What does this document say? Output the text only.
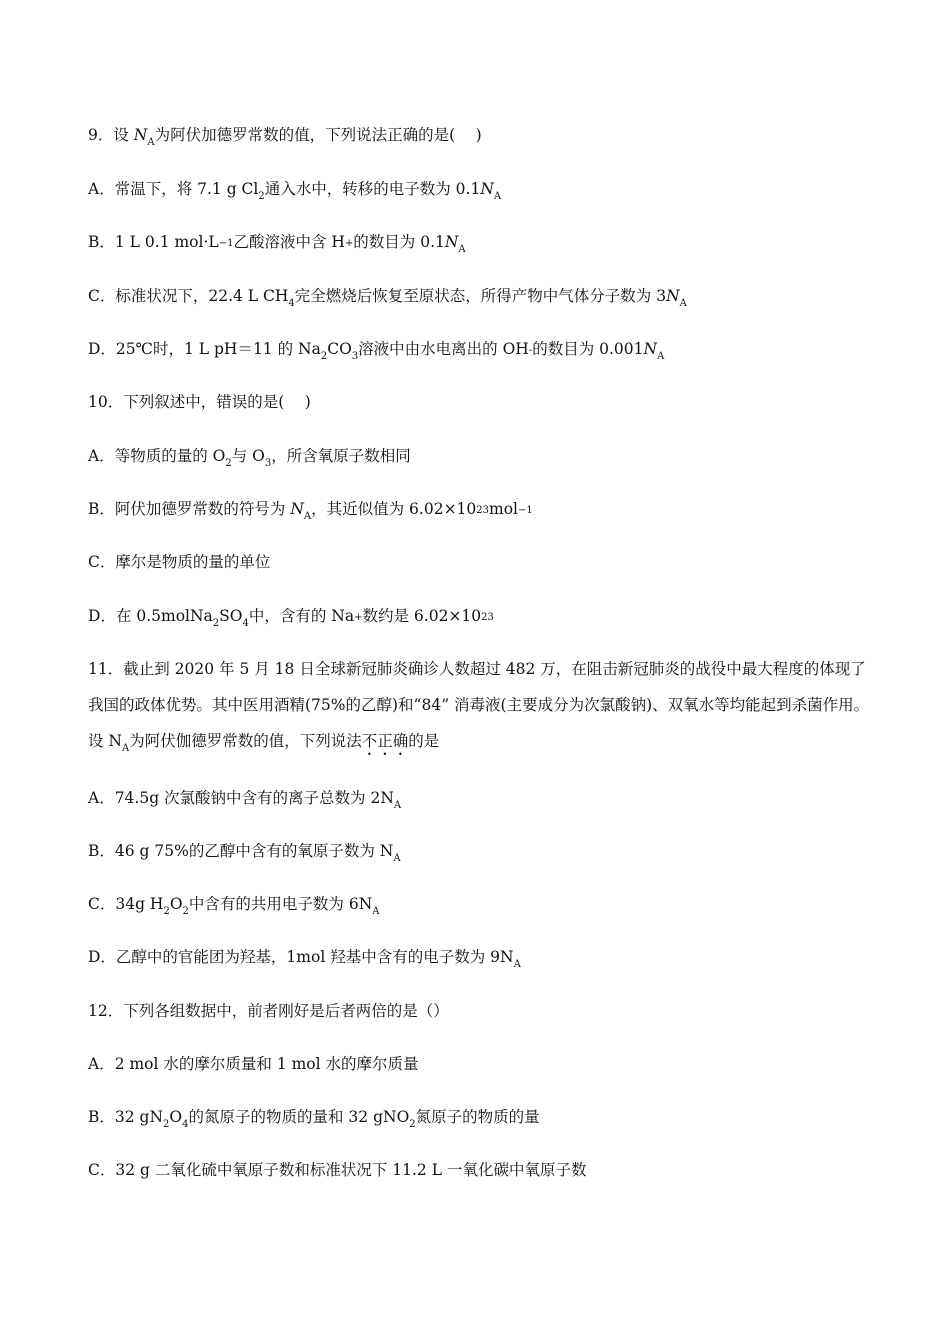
9．设 $N_A$为阿伏加德罗常数的值，下列说法正确的是(　 )
A．常温下，将 7.1 g $Cl_2$通入水中，转移的电子数为 $0.1N_A$
B．1 L 0.1 mol·L−1乙酸溶液中含 H+的数目为 $0.1N_A$
C．标准状况下，22.4 L $CH_4$完全燃烧后恢复至原状态，所得产物中气体分子数为 $3N_A$
D．25℃时，1 L pH＝11 的 $Na_2CO_3$溶液中由水电离出的 OH-的数目为 $0.001N_A$
10．下列叙述中，错误的是(　 )
A．等物质的量的 $O_2$与 $O_3$，所含氧原子数相同
B．阿伏加德罗常数的符号为 $N_A$，其近似值为 6.02×1023mol−1
C．摩尔是物质的量的单位
D．在 $0.5molNa_2SO_4$中，含有的 Na+数约是 6.02×1023
11．截止到 2020 年 5 月 18 日全球新冠肺炎确诊人数超过 482 万，在阻击新冠肺炎的战役中最大程度的体现了我国的政体优势。其中医用酒精(75%的乙醇)和“84” 消毒液(主要成分为次氯酸钠)、双氧水等均能起到杀菌作用。设 $N_A$为阿伏伽德罗常数的值，下列说法不正确的是
A．74.5g 次氯酸钠中含有的离子总数为 $2N_A$
B．46 g 75%的乙醇中含有的氧原子数为 $N_A$
C．34g $H_2O_2$中含有的共用电子数为 $6N_A$
D．乙醇中的官能团为羟基，1mol 羟基中含有的电子数为 $9N_A$
12．下列各组数据中，前者刚好是后者两倍的是（）
A．2 mol 水的摩尔质量和 1 mol 水的摩尔质量
B．32 $gN_2O_4$的氮原子的物质的量和 32 gNO$_2$氮原子的物质的量
C．32 g 二氧化硫中氧原子数和标准状况下 11.2 L 一氧化碳中氧原子数
